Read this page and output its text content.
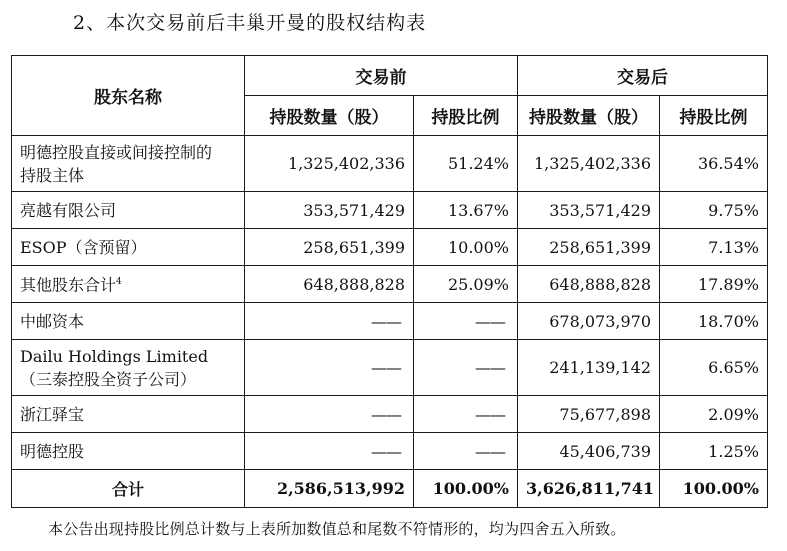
2、本次交易前后丰巢开曼的股权结构表
股东名称	交易前		交易后	
	持股数量（股）	持股比例	持股数量（股）	持股比例

明德控股直接或间接控制的持股主体	1,325,402,336	51.24%	1,325,402,336	36.54%
亮越有限公司	353,571,429	13.67%	353,571,429	9.75%
ESOP（含预留）	258,651,399	10.00%	258,651,399	7.13%
其他股东合计$^4$	648,888,828	25.09%	648,888,828	17.89%
中邮资本	——	——	678,073,970	18.70%

Dailu Holdings Limited
（三泰控股全资子公司）	——	——	241,139,142	6.65%
浙江驿宝	——	——	75,677,898	2.09%
明德控股	——	——	45,406,739	1.25%
合计	2,586,513,992	100.00%	3,626,811,741	100.00%
本公告出现持股比例总计数与上表所加数值总和尾数不符情形的，均为四舍五入所致。
